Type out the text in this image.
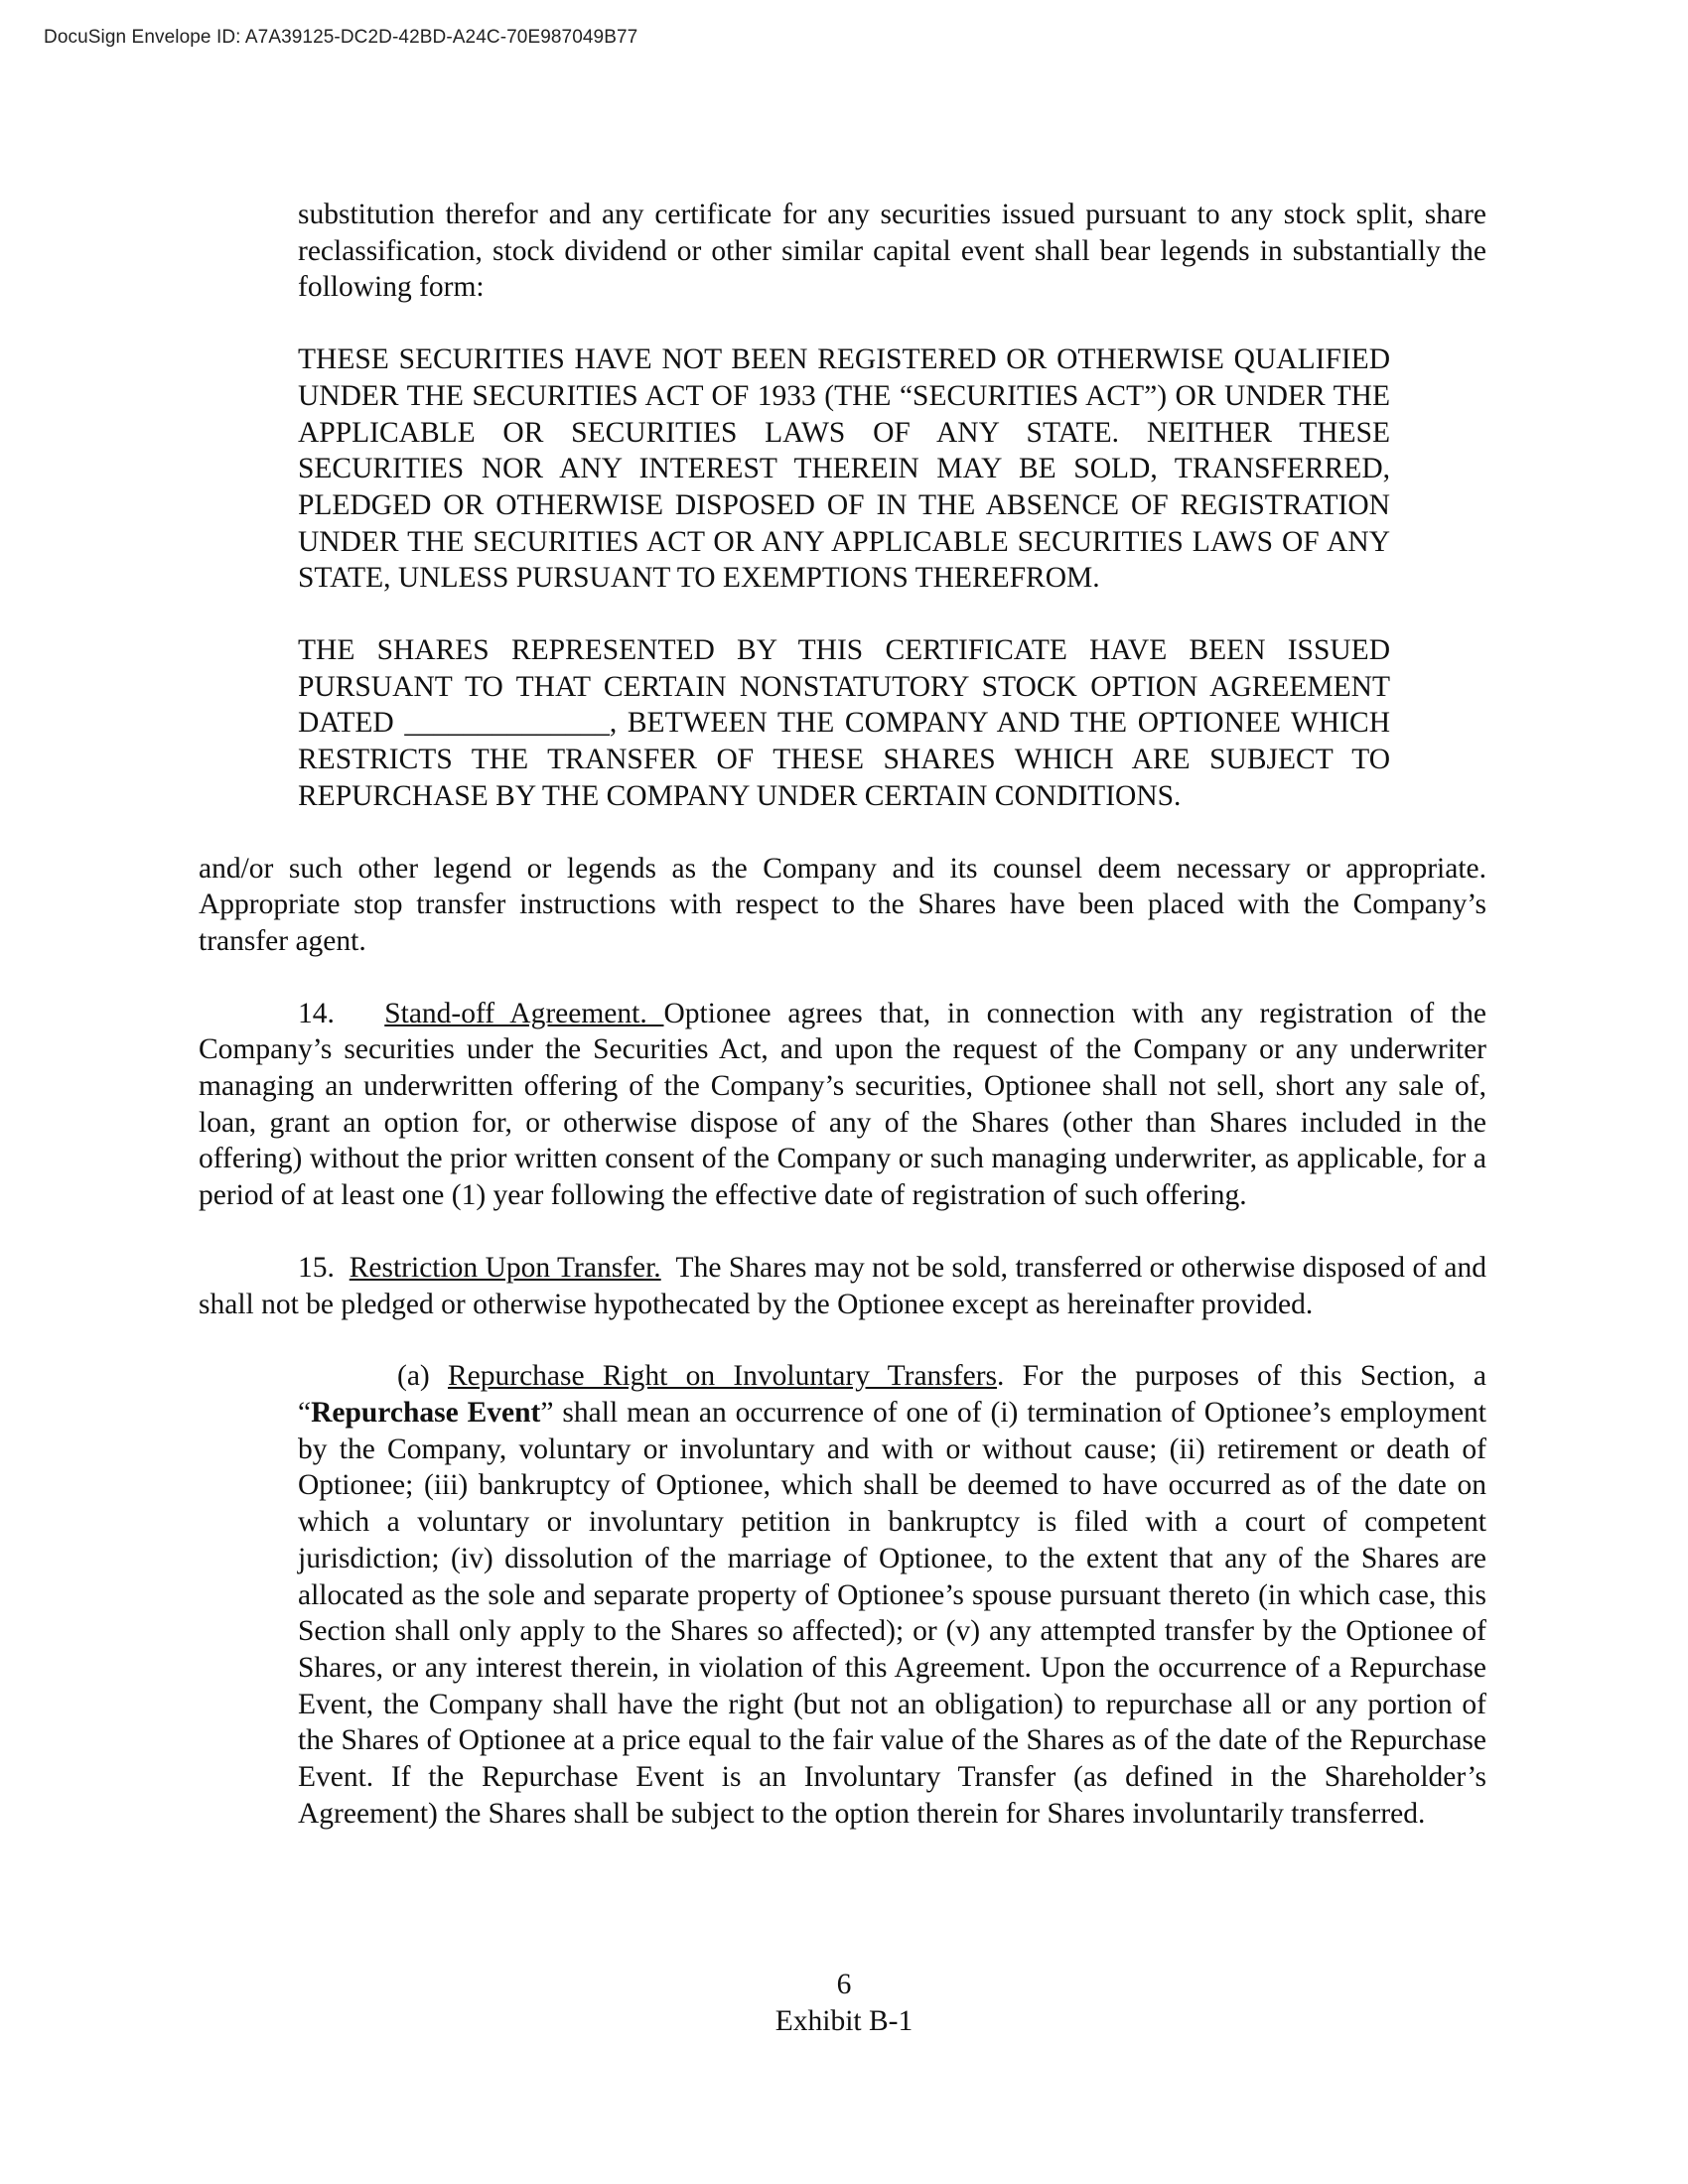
DocuSign Envelope ID: A7A39125-DC2D-42BD-A24C-70E987049B77

substitution therefor and any certificate for any securities issued pursuant to any stock split, share reclassification, stock dividend or other similar capital event shall bear legends in substantially the following form:

THESE SECURITIES HAVE NOT BEEN REGISTERED OR OTHERWISE QUALIFIED UNDER THE SECURITIES ACT OF 1933 (THE “SECURITIES ACT”) OR UNDER THE APPLICABLE OR SECURITIES LAWS OF ANY STATE. NEITHER THESE SECURITIES NOR ANY INTEREST THEREIN MAY BE SOLD, TRANSFERRED, PLEDGED OR OTHERWISE DISPOSED OF IN THE ABSENCE OF REGISTRATION UNDER THE SECURITIES ACT OR ANY APPLICABLE SECURITIES LAWS OF ANY STATE, UNLESS PURSUANT TO EXEMPTIONS THEREFROM.

THE SHARES REPRESENTED BY THIS CERTIFICATE HAVE BEEN ISSUED PURSUANT TO THAT CERTAIN NONSTATUTORY STOCK OPTION AGREEMENT DATED ______________, BETWEEN THE COMPANY AND THE OPTIONEE WHICH RESTRICTS THE TRANSFER OF THESE SHARES WHICH ARE SUBJECT TO REPURCHASE BY THE COMPANY UNDER CERTAIN CONDITIONS.

and/or such other legend or legends as the Company and its counsel deem necessary or appropriate. Appropriate stop transfer instructions with respect to the Shares have been placed with the Company’s transfer agent.

14. Stand-off Agreement. Optionee agrees that, in connection with any registration of the Company’s securities under the Securities Act, and upon the request of the Company or any underwriter managing an underwritten offering of the Company’s securities, Optionee shall not sell, short any sale of, loan, grant an option for, or otherwise dispose of any of the Shares (other than Shares included in the offering) without the prior written consent of the Company or such managing underwriter, as applicable, for a period of at least one (1) year following the effective date of registration of such offering.

15. Restriction Upon Transfer. The Shares may not be sold, transferred or otherwise disposed of and shall not be pledged or otherwise hypothecated by the Optionee except as hereinafter provided.

(a) Repurchase Right on Involuntary Transfers. For the purposes of this Section, a “Repurchase Event” shall mean an occurrence of one of (i) termination of Optionee’s employment by the Company, voluntary or involuntary and with or without cause; (ii) retirement or death of Optionee; (iii) bankruptcy of Optionee, which shall be deemed to have occurred as of the date on which a voluntary or involuntary petition in bankruptcy is filed with a court of competent jurisdiction; (iv) dissolution of the marriage of Optionee, to the extent that any of the Shares are allocated as the sole and separate property of Optionee’s spouse pursuant thereto (in which case, this Section shall only apply to the Shares so affected); or (v) any attempted transfer by the Optionee of Shares, or any interest therein, in violation of this Agreement. Upon the occurrence of a Repurchase Event, the Company shall have the right (but not an obligation) to repurchase all or any portion of the Shares of Optionee at a price equal to the fair value of the Shares as of the date of the Repurchase Event. If the Repurchase Event is an Involuntary Transfer (as defined in the Shareholder’s Agreement) the Shares shall be subject to the option therein for Shares involuntarily transferred.

6
Exhibit B-1
